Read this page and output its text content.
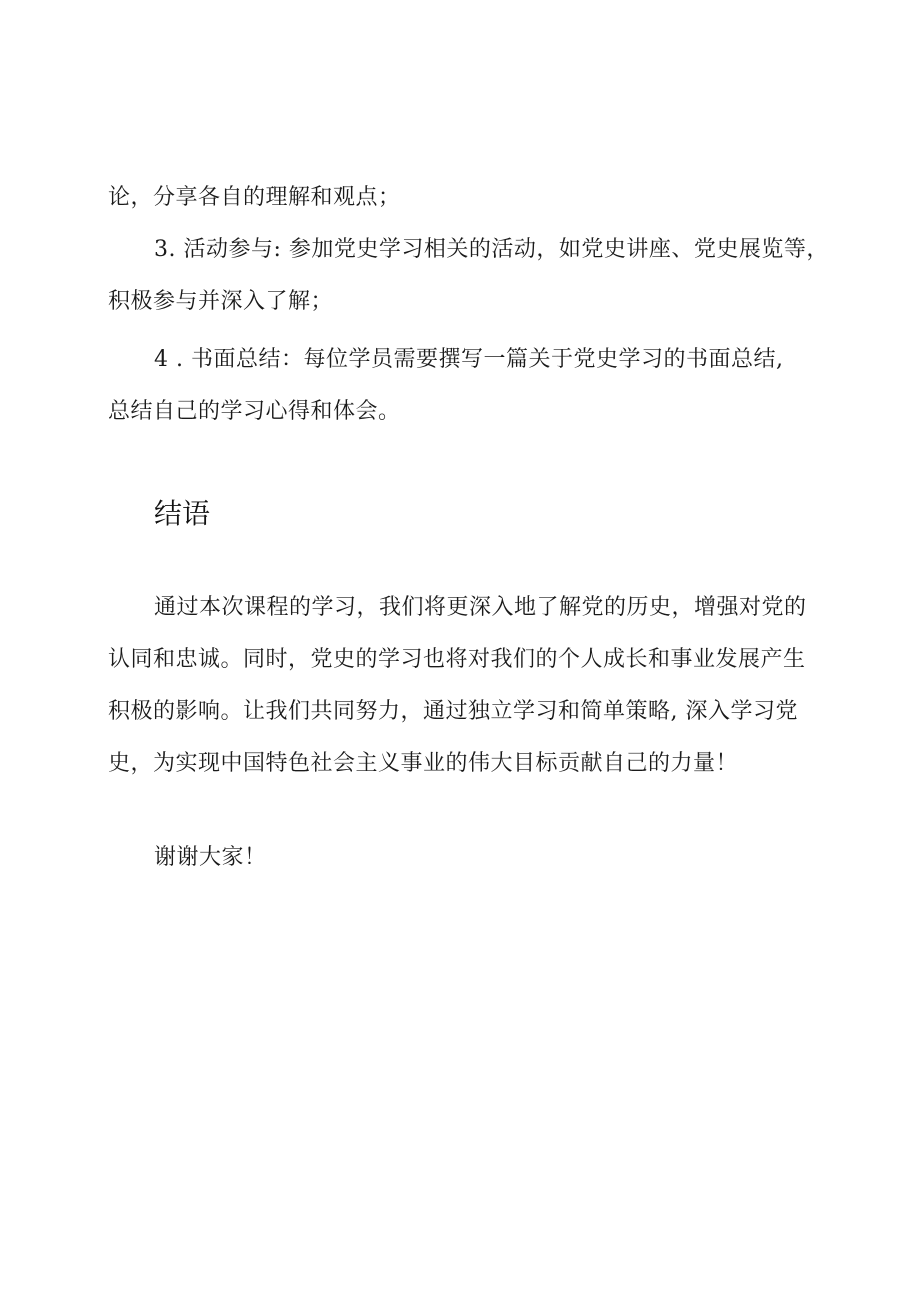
论，分享各自的理解和观点；

3. 活动参与: 参加党史学习相关的活动，如党史讲座、党史展览等，
积极参与并深入了解；

4 . 书面总结：每位学员需要撰写一篇关于党史学习的书面总结,
总结自己的学习心得和体会。

结语

通过本次课程的学习，我们将更深入地了解党的历史，增强对党的
认同和忠诚。同时，党史的学习也将对我们的个人成长和事业发展产生
积极的影响。让我们共同努力，通过独立学习和简单策略, 深入学习党
史，为实现中国特色社会主义事业的伟大目标贡献自己的力量！

谢谢大家！
